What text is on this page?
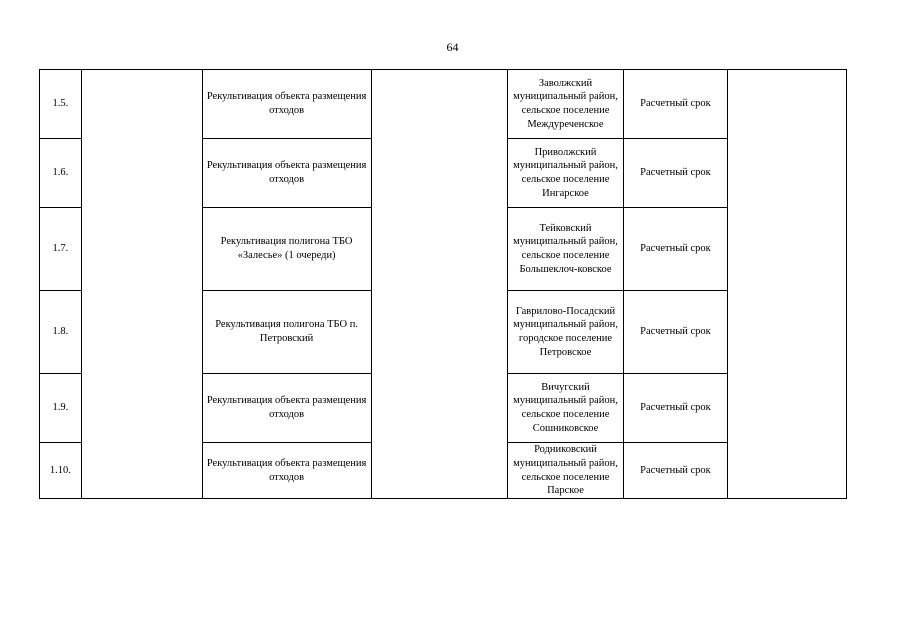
64
1.5.		Рекультивация объекта размещения отходов		Заволжский муниципальный район, сельское поселение Междуреченское	Расчетный срок	
1.6.		Рекультивация объекта размещения отходов		Приволжский муниципальный район, сельское поселение Ингарское	Расчетный срок	
1.7.		Рекультивация полигона ТБО «Залесье» (1 очереди)		Тейковский муниципальный район, сельское поселение Большеклоч-ковское	Расчетный срок	
1.8.		Рекультивация полигона ТБО п. Петровский		Гаврилово-Посадский муниципальный район, городское поселение Петровское	Расчетный срок	
1.9.		Рекультивация объекта размещения отходов		Вичугский муниципальный район, сельское поселение Сошниковское	Расчетный срок	
1.10.		Рекультивация объекта размещения отходов		Родниковский муниципальный район, сельское поселение Парское	Расчетный срок	
